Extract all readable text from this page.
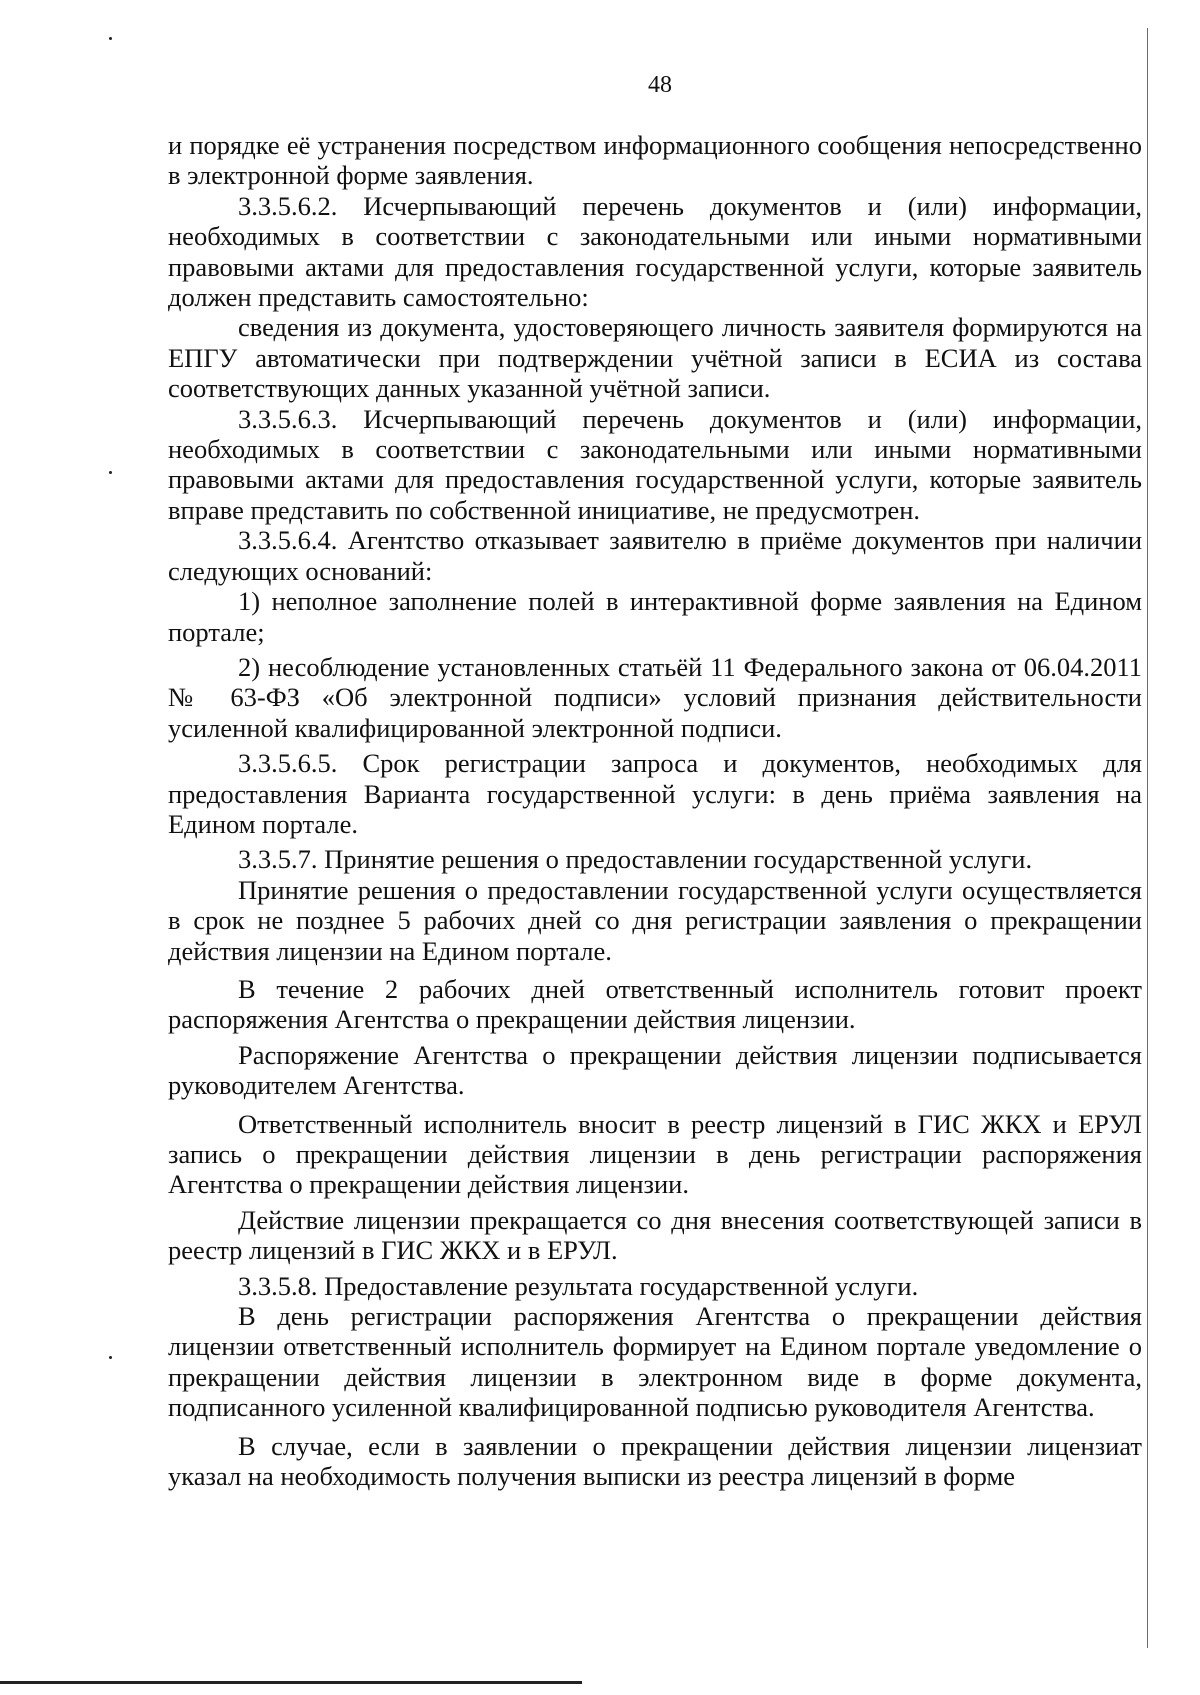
48

и порядке её устранения посредством информационного сообщения непосредственно в электронной форме заявления.

3.3.5.6.2. Исчерпывающий перечень документов и (или) информации, необходимых в соответствии с законодательными или иными нормативными правовыми актами для предоставления государственной услуги, которые заявитель должен представить самостоятельно:

сведения из документа, удостоверяющего личность заявителя формируются на ЕПГУ автоматически при подтверждении учётной записи в ЕСИА из состава соответствующих данных указанной учётной записи.

3.3.5.6.3. Исчерпывающий перечень документов и (или) информации, необходимых в соответствии с законодательными или иными нормативными правовыми актами для предоставления государственной услуги, которые заявитель вправе представить по собственной инициативе, не предусмотрен.

3.3.5.6.4. Агентство отказывает заявителю в приёме документов при наличии следующих оснований:

1) неполное заполнение полей в интерактивной форме заявления на Едином портале;

2) несоблюдение установленных статьёй 11 Федерального закона от 06.04.2011 № 63-ФЗ «Об электронной подписи» условий признания действительности усиленной квалифицированной электронной подписи.

3.3.5.6.5. Срок регистрации запроса и документов, необходимых для предоставления Варианта государственной услуги: в день приёма заявления на Едином портале.

3.3.5.7. Принятие решения о предоставлении государственной услуги.

Принятие решения о предоставлении государственной услуги осуществляется в срок не позднее 5 рабочих дней со дня регистрации заявления о прекращении действия лицензии на Едином портале.

В течение 2 рабочих дней ответственный исполнитель готовит проект распоряжения Агентства о прекращении действия лицензии.

Распоряжение Агентства о прекращении действия лицензии подписывается руководителем Агентства.

Ответственный исполнитель вносит в реестр лицензий в ГИС ЖКХ и ЕРУЛ запись о прекращении действия лицензии в день регистрации распоряжения Агентства о прекращении действия лицензии.

Действие лицензии прекращается со дня внесения соответствующей записи в реестр лицензий в ГИС ЖКХ и в ЕРУЛ.

3.3.5.8. Предоставление результата государственной услуги.

В день регистрации распоряжения Агентства о прекращении действия лицензии ответственный исполнитель формирует на Едином портале уведомление о прекращении действия лицензии в электронном виде в форме документа, подписанного усиленной квалифицированной подписью руководителя Агентства.

В случае, если в заявлении о прекращении действия лицензии лицензиат указал на необходимость получения выписки из реестра лицензий в форме
